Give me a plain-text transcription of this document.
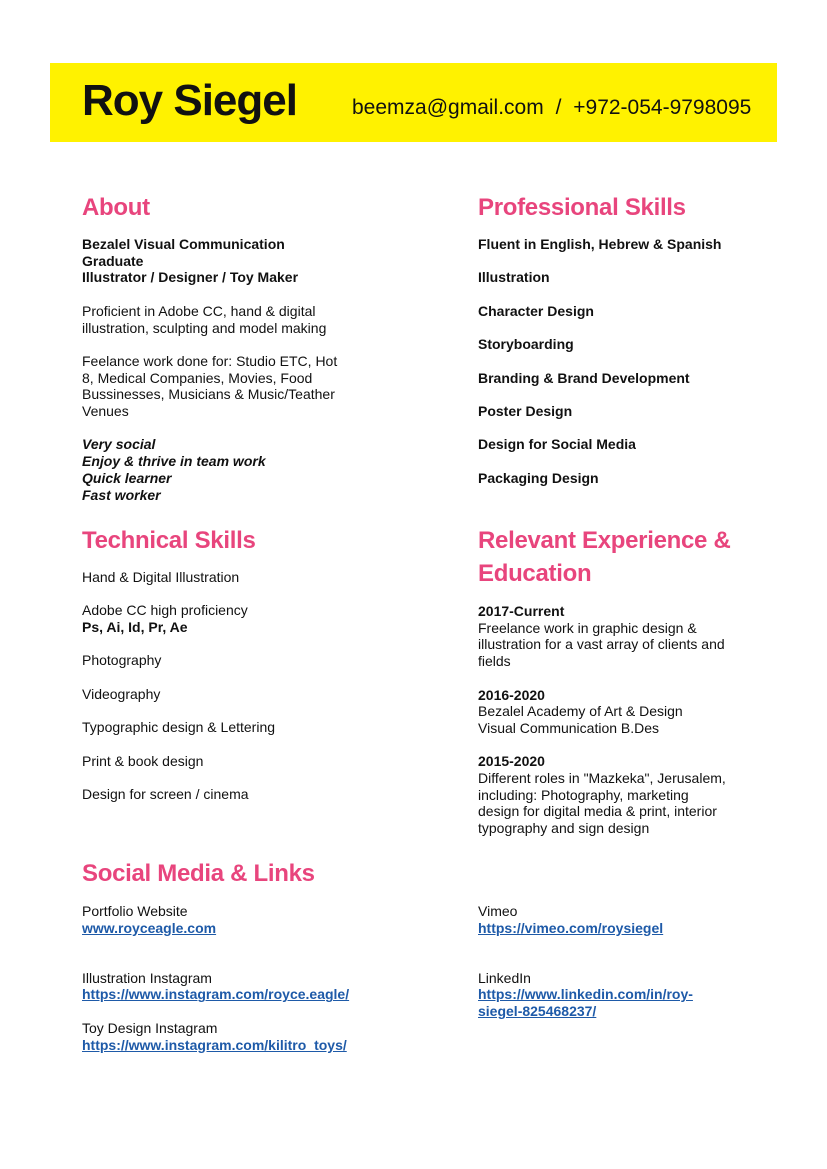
Roy Siegel	beemza@gmail.com / +972-054-9798095
About

Bezalel Visual Communication Graduate

Illustrator / Designer / Toy Maker

Proficient in Adobe CC, hand & digital illustration, sculpting and model making

Feelance work done for: Studio ETC, Hot 8, Medical Companies, Movies, Food Bussinesses, Musicians & Music/Teather Venues

Very social

Enjoy & thrive in team work

Quick learner

Fast worker

Professional Skills

Fluent in English, Hebrew & Spanish

Illustration

Character Design

Storyboarding

Branding & Brand Development

Poster Design

Design for Social Media

Packaging Design

Technical Skills

Hand & Digital Illustration

Adobe CC high proficiency

Ps, Ai, Id, Pr, Ae

Photography

Videography

Typographic design & Lettering

Print & book design

Design for screen / cinema

Relevant Experience &
Education

2017-Current

Freelance work in graphic design & illustration for a vast array of clients and fields

2016-2020

Bezalel Academy of Art & Design Visual Communication B.Des

2015-2020

Different roles in "Mazkeka", Jerusalem, including: Photography, marketing design for digital media & print, interior typography and sign design

Social Media & Links

Portfolio Website

www.royceagle.com

Illustration Instagram

https://www.instagram.com/royce.eagle/

Toy Design Instagram

https://www.instagram.com/kilitro_toys/

Vimeo

https://vimeo.com/roysiegel

LinkedIn

https://www.linkedin.com/in/roy-siegel-825468237/
